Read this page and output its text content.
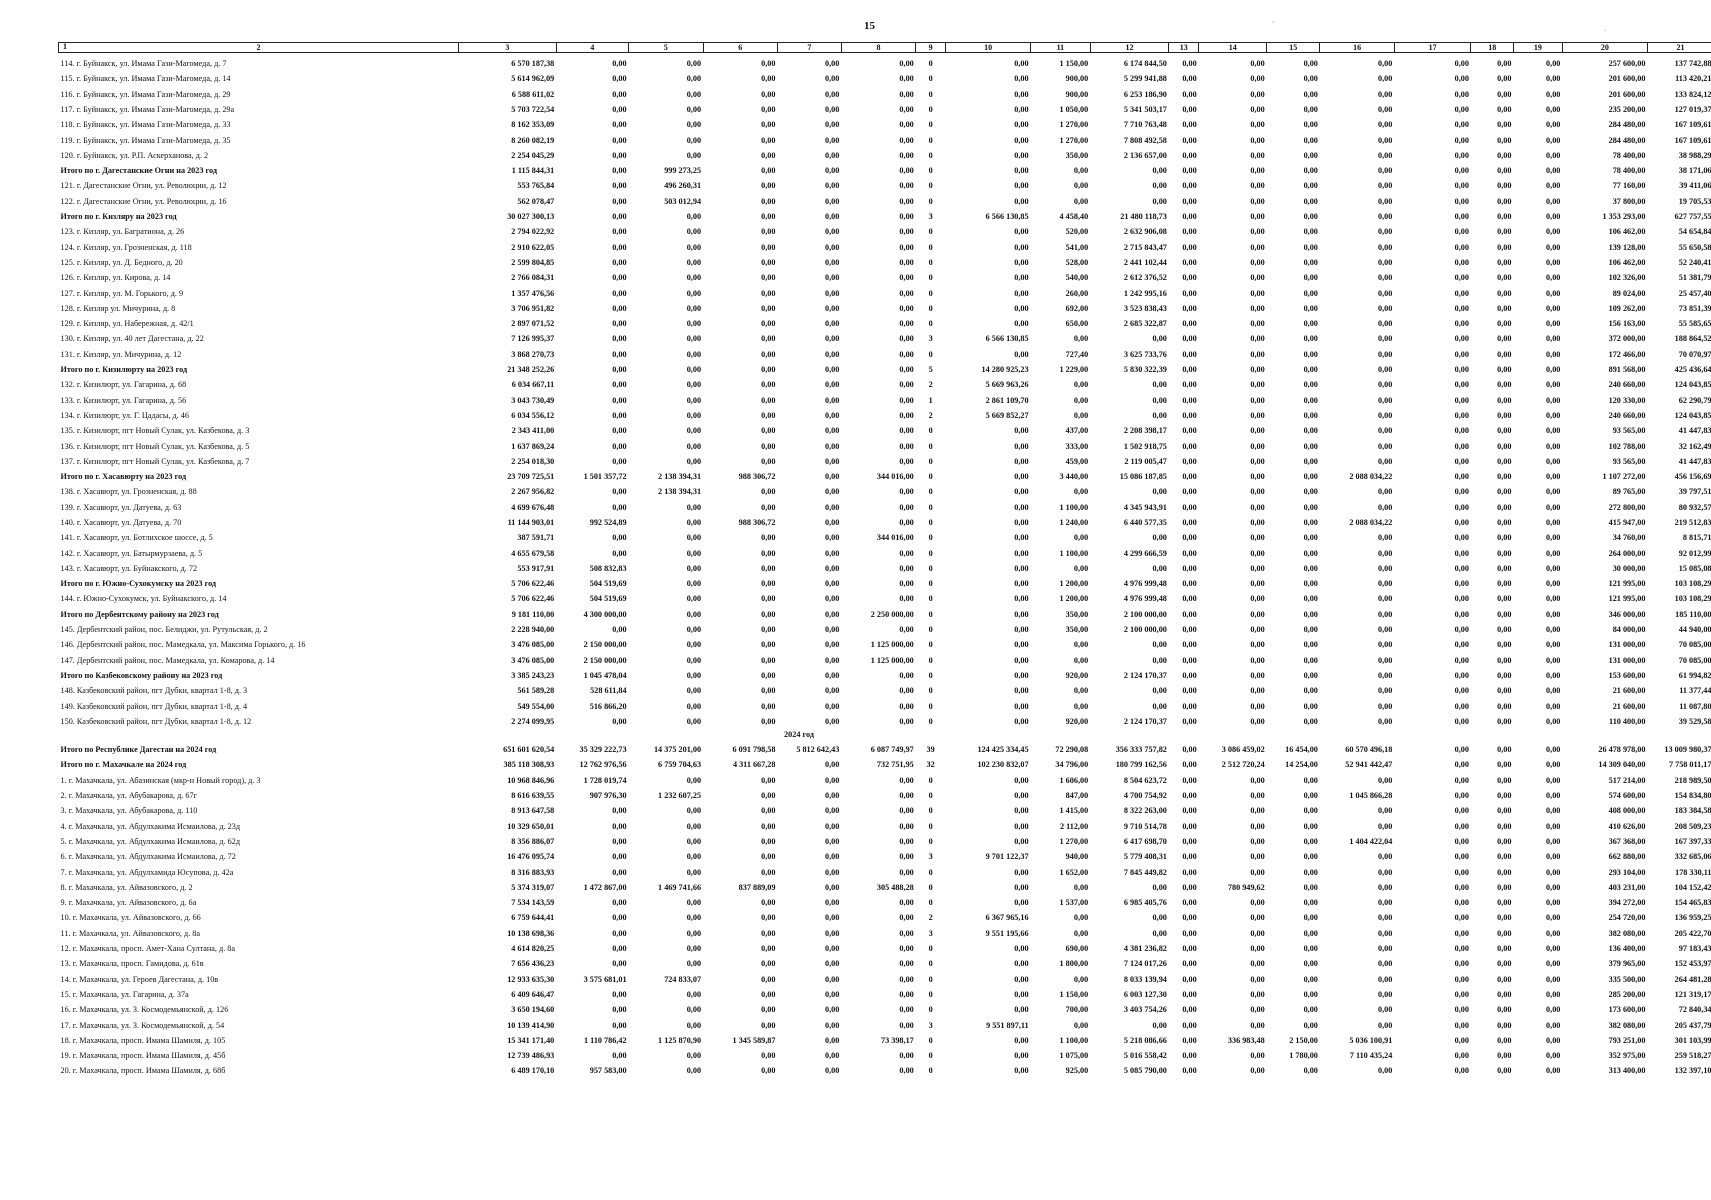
15	ˇ	.
1 2	3	4	5	6	7	8	9	10	11	12	13	14	15	16	17	18	19	20	21
114. г. Буйнакск, ул. Имама Гази-Магомеда, д. 7	6 570 187,38	0,00	0,00	0,00	0,00	0,00	0	0,00	1 150,00	6 174 844,50	0,00	0,00	0,00	0,00	0,00	0,00	0,00	257 600,00	137 742,88
115. г. Буйнакск, ул. Имама Гази-Магомеда, д. 14	5 614 962,09	0,00	0,00	0,00	0,00	0,00	0	0,00	900,00	5 299 941,88	0,00	0,00	0,00	0,00	0,00	0,00	0,00	201 600,00	113 420,21
116. г. Буйнакск, ул. Имама Гази-Магомеда, д. 29	6 588 611,02	0,00	0,00	0,00	0,00	0,00	0	0,00	900,00	6 253 186,90	0,00	0,00	0,00	0,00	0,00	0,00	0,00	201 600,00	133 824,12
117. г. Буйнакск, ул. Имама Гази-Магомеда, д. 29а	5 703 722,54	0,00	0,00	0,00	0,00	0,00	0	0,00	1 050,00	5 341 503,17	0,00	0,00	0,00	0,00	0,00	0,00	0,00	235 200,00	127 019,37
118. г. Буйнакск, ул. Имама Гази-Магомеда, д. 33	8 162 353,09	0,00	0,00	0,00	0,00	0,00	0	0,00	1 270,00	7 710 763,48	0,00	0,00	0,00	0,00	0,00	0,00	0,00	284 480,00	167 109,61
119. г. Буйнакск, ул. Имама Гази-Магомеда, д. 35	8 260 082,19	0,00	0,00	0,00	0,00	0,00	0	0,00	1 270,00	7 808 492,58	0,00	0,00	0,00	0,00	0,00	0,00	0,00	284 480,00	167 109,61
120. г. Буйнакск, ул. Р.П. Аскерханова, д. 2	2 254 045,29	0,00	0,00	0,00	0,00	0,00	0	0,00	350,00	2 136 657,00	0,00	0,00	0,00	0,00	0,00	0,00	0,00	78 400,00	38 988,29
Итого по г. Дагестанские Огни на 2023 год	1 115 844,31	0,00	999 273,25	0,00	0,00	0,00	0	0,00	0,00	0,00	0,00	0,00	0,00	0,00	0,00	0,00	0,00	78 400,00	38 171,06
121. г. Дагестанские Огни, ул. Революции, д. 12	553 765,84	0,00	496 260,31	0,00	0,00	0,00	0	0,00	0,00	0,00	0,00	0,00	0,00	0,00	0,00	0,00	0,00	77 160,00	39 411,06
122. г. Дагестанские Огни, ул. Революции, д. 16	562 078,47	0,00	503 012,94	0,00	0,00	0,00	0	0,00	0,00	0,00	0,00	0,00	0,00	0,00	0,00	0,00	0,00	37 800,00	19 705,53
Итого по г. Кизляру на 2023 год	30 027 300,13	0,00	0,00	0,00	0,00	0,00	3	6 566 130,85	4 458,40	21 480 118,73	0,00	0,00	0,00	0,00	0,00	0,00	0,00	1 353 293,00	627 757,55
123. г. Кизляр, ул. Багратиона, д. 26	2 794 022,92	0,00	0,00	0,00	0,00	0,00	0	0,00	520,00	2 632 906,08	0,00	0,00	0,00	0,00	0,00	0,00	0,00	106 462,00	54 654,84
124. г. Кизляр, ул. Грозненская, д. 118	2 910 622,05	0,00	0,00	0,00	0,00	0,00	0	0,00	541,00	2 715 843,47	0,00	0,00	0,00	0,00	0,00	0,00	0,00	139 128,00	55 650,58
125. г. Кизляр, ул. Д. Бедного, д. 20	2 599 804,85	0,00	0,00	0,00	0,00	0,00	0	0,00	528,00	2 441 102,44	0,00	0,00	0,00	0,00	0,00	0,00	0,00	106 462,00	52 240,41
126. г. Кизляр, ул. Кирова, д. 14	2 766 084,31	0,00	0,00	0,00	0,00	0,00	0	0,00	540,00	2 612 376,52	0,00	0,00	0,00	0,00	0,00	0,00	0,00	102 326,00	51 381,79
127. г. Кизляр, ул. М. Горького, д. 9	1 357 476,56	0,00	0,00	0,00	0,00	0,00	0	0,00	260,00	1 242 995,16	0,00	0,00	0,00	0,00	0,00	0,00	0,00	89 024,00	25 457,40
128. г. Кизляр ул. Мичурина, д. 8	3 706 951,82	0,00	0,00	0,00	0,00	0,00	0	0,00	692,00	3 523 838,43	0,00	0,00	0,00	0,00	0,00	0,00	0,00	109 262,00	73 851,39
129. г. Кизляр, ул. Набережная, д. 42/1	2 897 071,52	0,00	0,00	0,00	0,00	0,00	0	0,00	650,00	2 685 322,87	0,00	0,00	0,00	0,00	0,00	0,00	0,00	156 163,00	55 585,65
130. г. Кизляр, ул. 40 лет Дагестана, д. 22	7 126 995,37	0,00	0,00	0,00	0,00	0,00	3	6 566 130,85	0,00	0,00	0,00	0,00	0,00	0,00	0,00	0,00	0,00	372 000,00	188 864,52
131. г. Кизляр, ул. Мичурина, д. 12	3 868 270,73	0,00	0,00	0,00	0,00	0,00	0	0,00	727,40	3 625 733,76	0,00	0,00	0,00	0,00	0,00	0,00	0,00	172 466,00	70 070,97
Итого по г. Кизилюрту на 2023 год	21 348 252,26	0,00	0,00	0,00	0,00	0,00	5	14 280 925,23	1 229,00	5 830 322,39	0,00	0,00	0,00	0,00	0,00	0,00	0,00	891 568,00	425 436,64
132. г. Кизилюрт, ул. Гагарина, д. 68	6 034 667,11	0,00	0,00	0,00	0,00	0,00	2	5 669 963,26	0,00	0,00	0,00	0,00	0,00	0,00	0,00	0,00	0,00	240 660,00	124 043,85
133. г. Кизилюрт, ул. Гагарина, д. 56	3 043 730,49	0,00	0,00	0,00	0,00	0,00	1	2 861 109,70	0,00	0,00	0,00	0,00	0,00	0,00	0,00	0,00	0,00	120 330,00	62 290,79
134. г. Кизилюрт, ул. Г. Цадасы, д. 46	6 034 556,12	0,00	0,00	0,00	0,00	0,00	2	5 669 852,27	0,00	0,00	0,00	0,00	0,00	0,00	0,00	0,00	0,00	240 660,00	124 043,85
135. г. Кизилюрт, пгт Новый Сулак, ул. Казбекова, д. 3	2 343 411,00	0,00	0,00	0,00	0,00	0,00	0	0,00	437,00	2 208 398,17	0,00	0,00	0,00	0,00	0,00	0,00	0,00	93 565,00	41 447,83
136. г. Кизилюрт, пгт Новый Сулак, ул. Казбекова, д. 5	1 637 869,24	0,00	0,00	0,00	0,00	0,00	0	0,00	333,00	1 502 918,75	0,00	0,00	0,00	0,00	0,00	0,00	0,00	102 788,00	32 162,49
137. г. Кизилюрт, пгт Новый Сулак, ул. Казбекова, д. 7	2 254 018,30	0,00	0,00	0,00	0,00	0,00	0	0,00	459,00	2 119 005,47	0,00	0,00	0,00	0,00	0,00	0,00	0,00	93 565,00	41 447,83
Итого по г. Хасавюрту на 2023 год	23 709 725,51	1 501 357,72	2 138 394,31	988 306,72	0,00	344 016,00	0	0,00	3 440,00	15 086 187,85	0,00	0,00	0,00	2 088 034,22	0,00	0,00	0,00	1 107 272,00	456 156,69
138. г. Хасавюрт, ул. Грозненская, д. 88	2 267 956,82	0,00	2 138 394,31	0,00	0,00	0,00	0	0,00	0,00	0,00	0,00	0,00	0,00	0,00	0,00	0,00	0,00	89 765,00	39 797,51
139. г. Хасавюрт, ул. Датуева, д. 63	4 699 676,48	0,00	0,00	0,00	0,00	0,00	0	0,00	1 100,00	4 345 943,91	0,00	0,00	0,00	0,00	0,00	0,00	0,00	272 800,00	80 932,57
140. г. Хасавюрт, ул. Датуева, д. 70	11 144 903,01	992 524,89	0,00	988 306,72	0,00	0,00	0	0,00	1 240,00	6 440 577,35	0,00	0,00	0,00	2 088 034,22	0,00	0,00	0,00	415 947,00	219 512,83
141. г. Хасавюрт, ул. Ботлихское шоссе, д. 5	387 591,71	0,00	0,00	0,00	0,00	344 016,00	0	0,00	0,00	0,00	0,00	0,00	0,00	0,00	0,00	0,00	0,00	34 760,00	8 815,71
142. г. Хасавюрт, ул. Батырмурзаева, д. 5	4 655 679,58	0,00	0,00	0,00	0,00	0,00	0	0,00	1 100,00	4 299 666,59	0,00	0,00	0,00	0,00	0,00	0,00	0,00	264 000,00	92 012,99
143. г. Хасавюрт, ул. Буйнакского, д. 72	553 917,91	508 832,83	0,00	0,00	0,00	0,00	0	0,00	0,00	0,00	0,00	0,00	0,00	0,00	0,00	0,00	0,00	30 000,00	15 085,08
Итого по г. Южно-Сухокумску на 2023 год	5 706 622,46	504 519,69	0,00	0,00	0,00	0,00	0	0,00	1 200,00	4 976 999,48	0,00	0,00	0,00	0,00	0,00	0,00	0,00	121 995,00	103 108,29
144. г. Южно-Сухокумск, ул. Буйнакского, д. 14	5 706 622,46	504 519,69	0,00	0,00	0,00	0,00	0	0,00	1 200,00	4 976 999,48	0,00	0,00	0,00	0,00	0,00	0,00	0,00	121 995,00	103 108,29
Итого по Дербентскому району на 2023 год	9 181 110,00	4 300 000,00	0,00	0,00	0,00	2 250 000,00	0	0,00	350,00	2 100 000,00	0,00	0,00	0,00	0,00	0,00	0,00	0,00	346 000,00	185 110,00
145. Дербентский район, пос. Белиджи, ул. Рутульская, д. 2	2 228 940,00	0,00	0,00	0,00	0,00	0,00	0	0,00	350,00	2 100 000,00	0,00	0,00	0,00	0,00	0,00	0,00	0,00	84 000,00	44 940,00
146. Дербентский район, пос. Мамедкала, ул. Максима Горького, д. 16	3 476 085,00	2 150 000,00	0,00	0,00	0,00	1 125 000,00	0	0,00	0,00	0,00	0,00	0,00	0,00	0,00	0,00	0,00	0,00	131 000,00	70 085,00
147. Дербентский район, пос. Мамедкала, ул. Комарова, д. 14	3 476 085,00	2 150 000,00	0,00	0,00	0,00	1 125 000,00	0	0,00	0,00	0,00	0,00	0,00	0,00	0,00	0,00	0,00	0,00	131 000,00	70 085,00
Итого по Казбековскому району на 2023 год	3 385 243,23	1 045 478,04	0,00	0,00	0,00	0,00	0	0,00	920,00	2 124 170,37	0,00	0,00	0,00	0,00	0,00	0,00	0,00	153 600,00	61 994,82
148. Казбековский район, пгт Дубки, квартал 1-8, д. 3	561 589,28	528 611,84	0,00	0,00	0,00	0,00	0	0,00	0,00	0,00	0,00	0,00	0,00	0,00	0,00	0,00	0,00	21 600,00	11 377,44
149. Казбековский район, пгт Дубки, квартал 1-8, д. 4	549 554,00	516 866,20	0,00	0,00	0,00	0,00	0	0,00	0,00	0,00	0,00	0,00	0,00	0,00	0,00	0,00	0,00	21 600,00	11 087,80
150. Казбековский район, пгт Дубки, квартал 1-8, д. 12	2 274 099,95	0,00	0,00	0,00	0,00	0,00	0	0,00	920,00	2 124 170,37	0,00	0,00	0,00	0,00	0,00	0,00	0,00	110 400,00	39 529,58
2024 год																			
Итого по Республике Дагестан на 2024 год	651 601 620,54	35 329 222,73	14 375 201,00	6 091 798,58	5 812 642,43	6 087 749,97	39	124 425 334,45	72 290,08	356 333 757,82	0,00	3 086 459,02	16 454,00	60 570 496,18	0,00	0,00	0,00	26 478 978,00	13 009 980,37
Итого по г. Махачкале на 2024 год	385 118 308,93	12 762 976,56	6 759 704,63	4 311 667,28	0,00	732 751,95	32	102 230 832,07	34 796,00	180 799 162,56	0,00	2 512 720,24	14 254,00	52 941 442,47	0,00	0,00	0,00	14 309 040,00	7 758 011,17
1. г. Махачкала, ул. Абазинская (мкр-н Новый город), д. 3	10 968 846,96	1 728 019,74	0,00	0,00	0,00	0,00	0	0,00	1 606,00	8 504 623,72	0,00	0,00	0,00	0,00	0,00	0,00	0,00	517 214,00	218 989,50
2. г. Махачкала, ул. Абубакарова, д. 67г	8 616 639,55	907 976,30	1 232 607,25	0,00	0,00	0,00	0	0,00	847,00	4 700 754,92	0,00	0,00	0,00	1 045 866,28	0,00	0,00	0,00	574 600,00	154 834,80
3. г. Махачкала, ул. Абубакарова, д. 110	8 913 647,58	0,00	0,00	0,00	0,00	0,00	0	0,00	1 415,00	8 322 263,00	0,00	0,00	0,00	0,00	0,00	0,00	0,00	408 000,00	183 384,58
4. г. Махачкала, ул. Абдулхакима Исмаилова, д. 23д	10 329 650,01	0,00	0,00	0,00	0,00	0,00	0	0,00	2 112,00	9 710 514,78	0,00	0,00	0,00	0,00	0,00	0,00	0,00	410 626,00	208 509,23
5. г. Махачкала, ул. Абдулхакима Исмаилова, д. 62д	8 356 886,07	0,00	0,00	0,00	0,00	0,00	0	0,00	1 270,00	6 417 698,70	0,00	0,00	0,00	1 404 422,04	0,00	0,00	0,00	367 368,00	167 397,33
6. г. Махачкала, ул. Абдулхакима Исмаилова, д. 72	16 476 095,74	0,00	0,00	0,00	0,00	0,00	3	9 701 122,37	940,00	5 779 408,31	0,00	0,00	0,00	0,00	0,00	0,00	0,00	662 880,00	332 685,06
7. г. Махачкала, ул. Абдулхамида Юсупова, д. 42а	8 316 883,93	0,00	0,00	0,00	0,00	0,00	0	0,00	1 652,00	7 845 449,82	0,00	0,00	0,00	0,00	0,00	0,00	0,00	293 104,00	178 330,11
8. г. Махачкала, ул. Айвазовского, д. 2	5 374 319,07	1 472 867,00	1 469 741,66	837 889,09	0,00	305 488,28	0	0,00	0,00	0,00	0,00	780 949,62	0,00	0,00	0,00	0,00	0,00	403 231,00	104 152,42
9. г. Махачкала, ул. Айвазовского, д. 6а	7 534 143,59	0,00	0,00	0,00	0,00	0,00	0	0,00	1 537,00	6 985 405,76	0,00	0,00	0,00	0,00	0,00	0,00	0,00	394 272,00	154 465,83
10. г. Махачкала, ул. Айвазовского, д. 66	6 759 644,41	0,00	0,00	0,00	0,00	0,00	2	6 367 965,16	0,00	0,00	0,00	0,00	0,00	0,00	0,00	0,00	0,00	254 720,00	136 959,25
11. г. Махачкала, ул. Айвазовского, д. 8а	10 138 698,36	0,00	0,00	0,00	0,00	0,00	3	9 551 195,66	0,00	0,00	0,00	0,00	0,00	0,00	0,00	0,00	0,00	382 080,00	205 422,70
12. г. Махачкала, просп. Амет-Хана Султана, д. 8а	4 614 820,25	0,00	0,00	0,00	0,00	0,00	0	0,00	690,00	4 381 236,82	0,00	0,00	0,00	0,00	0,00	0,00	0,00	136 400,00	97 183,43
13. г. Махачкала, просп. Гамидова, д. 61в	7 656 436,23	0,00	0,00	0,00	0,00	0,00	0	0,00	1 800,00	7 124 017,26	0,00	0,00	0,00	0,00	0,00	0,00	0,00	379 965,00	152 453,97
14. г. Махачкала, ул. Героев Дагестана, д. 10в	12 933 635,30	3 575 681,01	724 833,07	0,00	0,00	0,00	0	0,00	0,00	8 033 139,94	0,00	0,00	0,00	0,00	0,00	0,00	0,00	335 500,00	264 481,28
15. г. Махачкала, ул. Гагарина, д. 37а	6 409 646,47	0,00	0,00	0,00	0,00	0,00	0	0,00	1 150,00	6 003 127,30	0,00	0,00	0,00	0,00	0,00	0,00	0,00	285 200,00	121 319,17
16. г. Махачкала, ул. З. Космодемьянской, д. 126	3 650 194,60	0,00	0,00	0,00	0,00	0,00	0	0,00	700,00	3 403 754,26	0,00	0,00	0,00	0,00	0,00	0,00	0,00	173 600,00	72 840,34
17. г. Махачкала, ул. З. Космодемьянской, д. 54	10 139 414,90	0,00	0,00	0,00	0,00	0,00	3	9 551 897,11	0,00	0,00	0,00	0,00	0,00	0,00	0,00	0,00	0,00	382 080,00	205 437,79
18. г. Махачкала, просп. Имама Шамиля, д. 105	15 341 171,40	1 110 786,42	1 125 870,90	1 345 589,87	0,00	73 398,17	0	0,00	1 100,00	5 218 086,66	0,00	336 983,48	2 150,00	5 036 100,91	0,00	0,00	0,00	793 251,00	301 103,99
19. г. Махачкала, просп. Имама Шамиля, д. 45б	12 739 486,93	0,00	0,00	0,00	0,00	0,00	0	0,00	1 075,00	5 016 558,42	0,00	0,00	1 780,00	7 110 435,24	0,00	0,00	0,00	352 975,00	259 518,27
20. г. Махачкала, просп. Имама Шамиля, д. 68б	6 489 170,10	957 583,00	0,00	0,00	0,00	0,00	0	0,00	925,00	5 085 790,00	0,00	0,00	0,00	0,00	0,00	0,00	0,00	313 400,00	132 397,10
